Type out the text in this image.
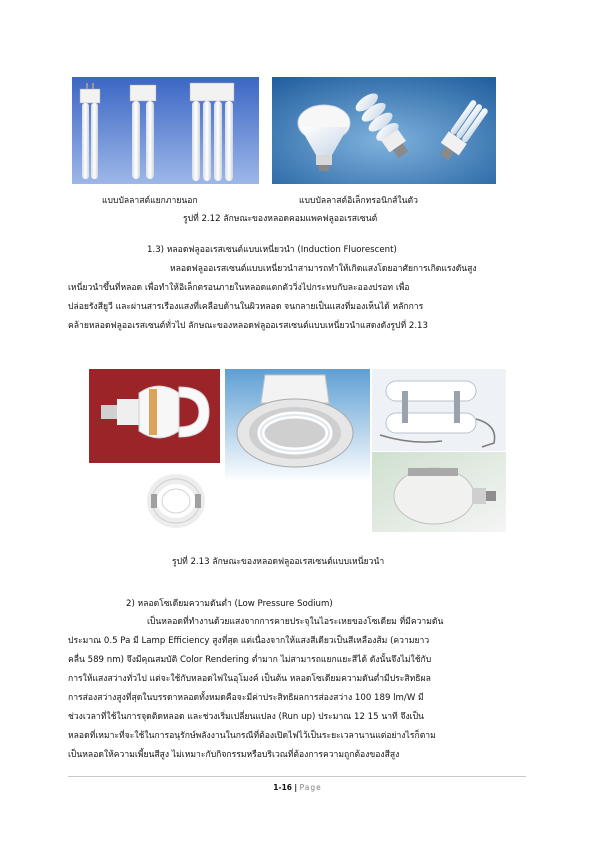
แบบบัลลาสต์แยกภายนอก	แบบบัลลาสต์อิเล็กทรอนิกส์ในตัว
รูปที่ 2.12 ลักษณะของหลอดคอมแพคฟลูออเรสเซนต์
1.3) หลอดฟลูออเรสเซนต์แบบเหนี่ยวนำ (Induction Fluorescent)
หลอดฟลูออเรสเซนต์แบบเหนี่ยวนำสามารถทำให้เกิดแสงโดยอาศัยการเกิดแรงดันสูง
เหนี่ยวนำขึ้นที่หลอด เพื่อทำให้อิเล็กตรอนภายในหลอดแตกตัววิ่งไปกระทบกับละอองปรอท เพื่อ
ปล่อยรังสียูวี และผ่านสารเรืองแสงที่เคลือบด้านในผิวหลอด จนกลายเป็นแสงที่มองเห็นได้ หลักการ
คล้ายหลอดฟลูออเรสเซนต์ทั่วไป ลักษณะของหลอดฟลูออเรสเซนต์แบบเหนี่ยวนำแสดงดังรูปที่ 2.13
รูปที่ 2.13 ลักษณะของหลอดฟลูออเรสเซนต์แบบเหนี่ยวนำ
2) หลอดโซเดียมความดันต่ำ (Low Pressure Sodium)
เป็นหลอดที่ทำงานด้วยแสงจากการคายประจุในไอระเหยของโซเดียม ที่มีความดัน
ประมาณ 0.5 Pa มี Lamp Efficiency สูงที่สุด แต่เนื่องจากให้แสงสีเดียวเป็นสีเหลืองส้ม (ความยาว
คลื่น 589 nm) จึงมีคุณสมบัติ Color Rendering ต่ำมาก ไม่สามารถแยกแยะสีได้ ดังนั้นจึงไม่ใช้กับ
การให้แสงสว่างทั่วไป แต่จะใช้กับหลอดไฟในอุโมงค์ เป็นต้น หลอดโซเดียมความดันต่ำมีประสิทธิผล
การส่องสว่างสูงที่สุดในบรรดาหลอดทั้งหมดคือจะมีค่าประสิทธิผลการส่องสว่าง 100 189 lm/W มี
ช่วงเวลาที่ใช้ในการจุดติดหลอด และช่วงเริ่มเปลี่ยนแปลง (Run up) ประมาณ 12 15 นาที จึงเป็น
หลอดที่เหมาะที่จะใช้ในการอนุรักษ์พลังงานในกรณีที่ต้องเปิดไฟไว้เป็นระยะเวลานานแต่อย่างไรก็ตาม
เป็นหลอดให้ความเพี้ยนสีสูง ไม่เหมาะกับกิจกรรมหรือบริเวณที่ต้องการความถูกต้องของสีสูง
1-16 | Page
